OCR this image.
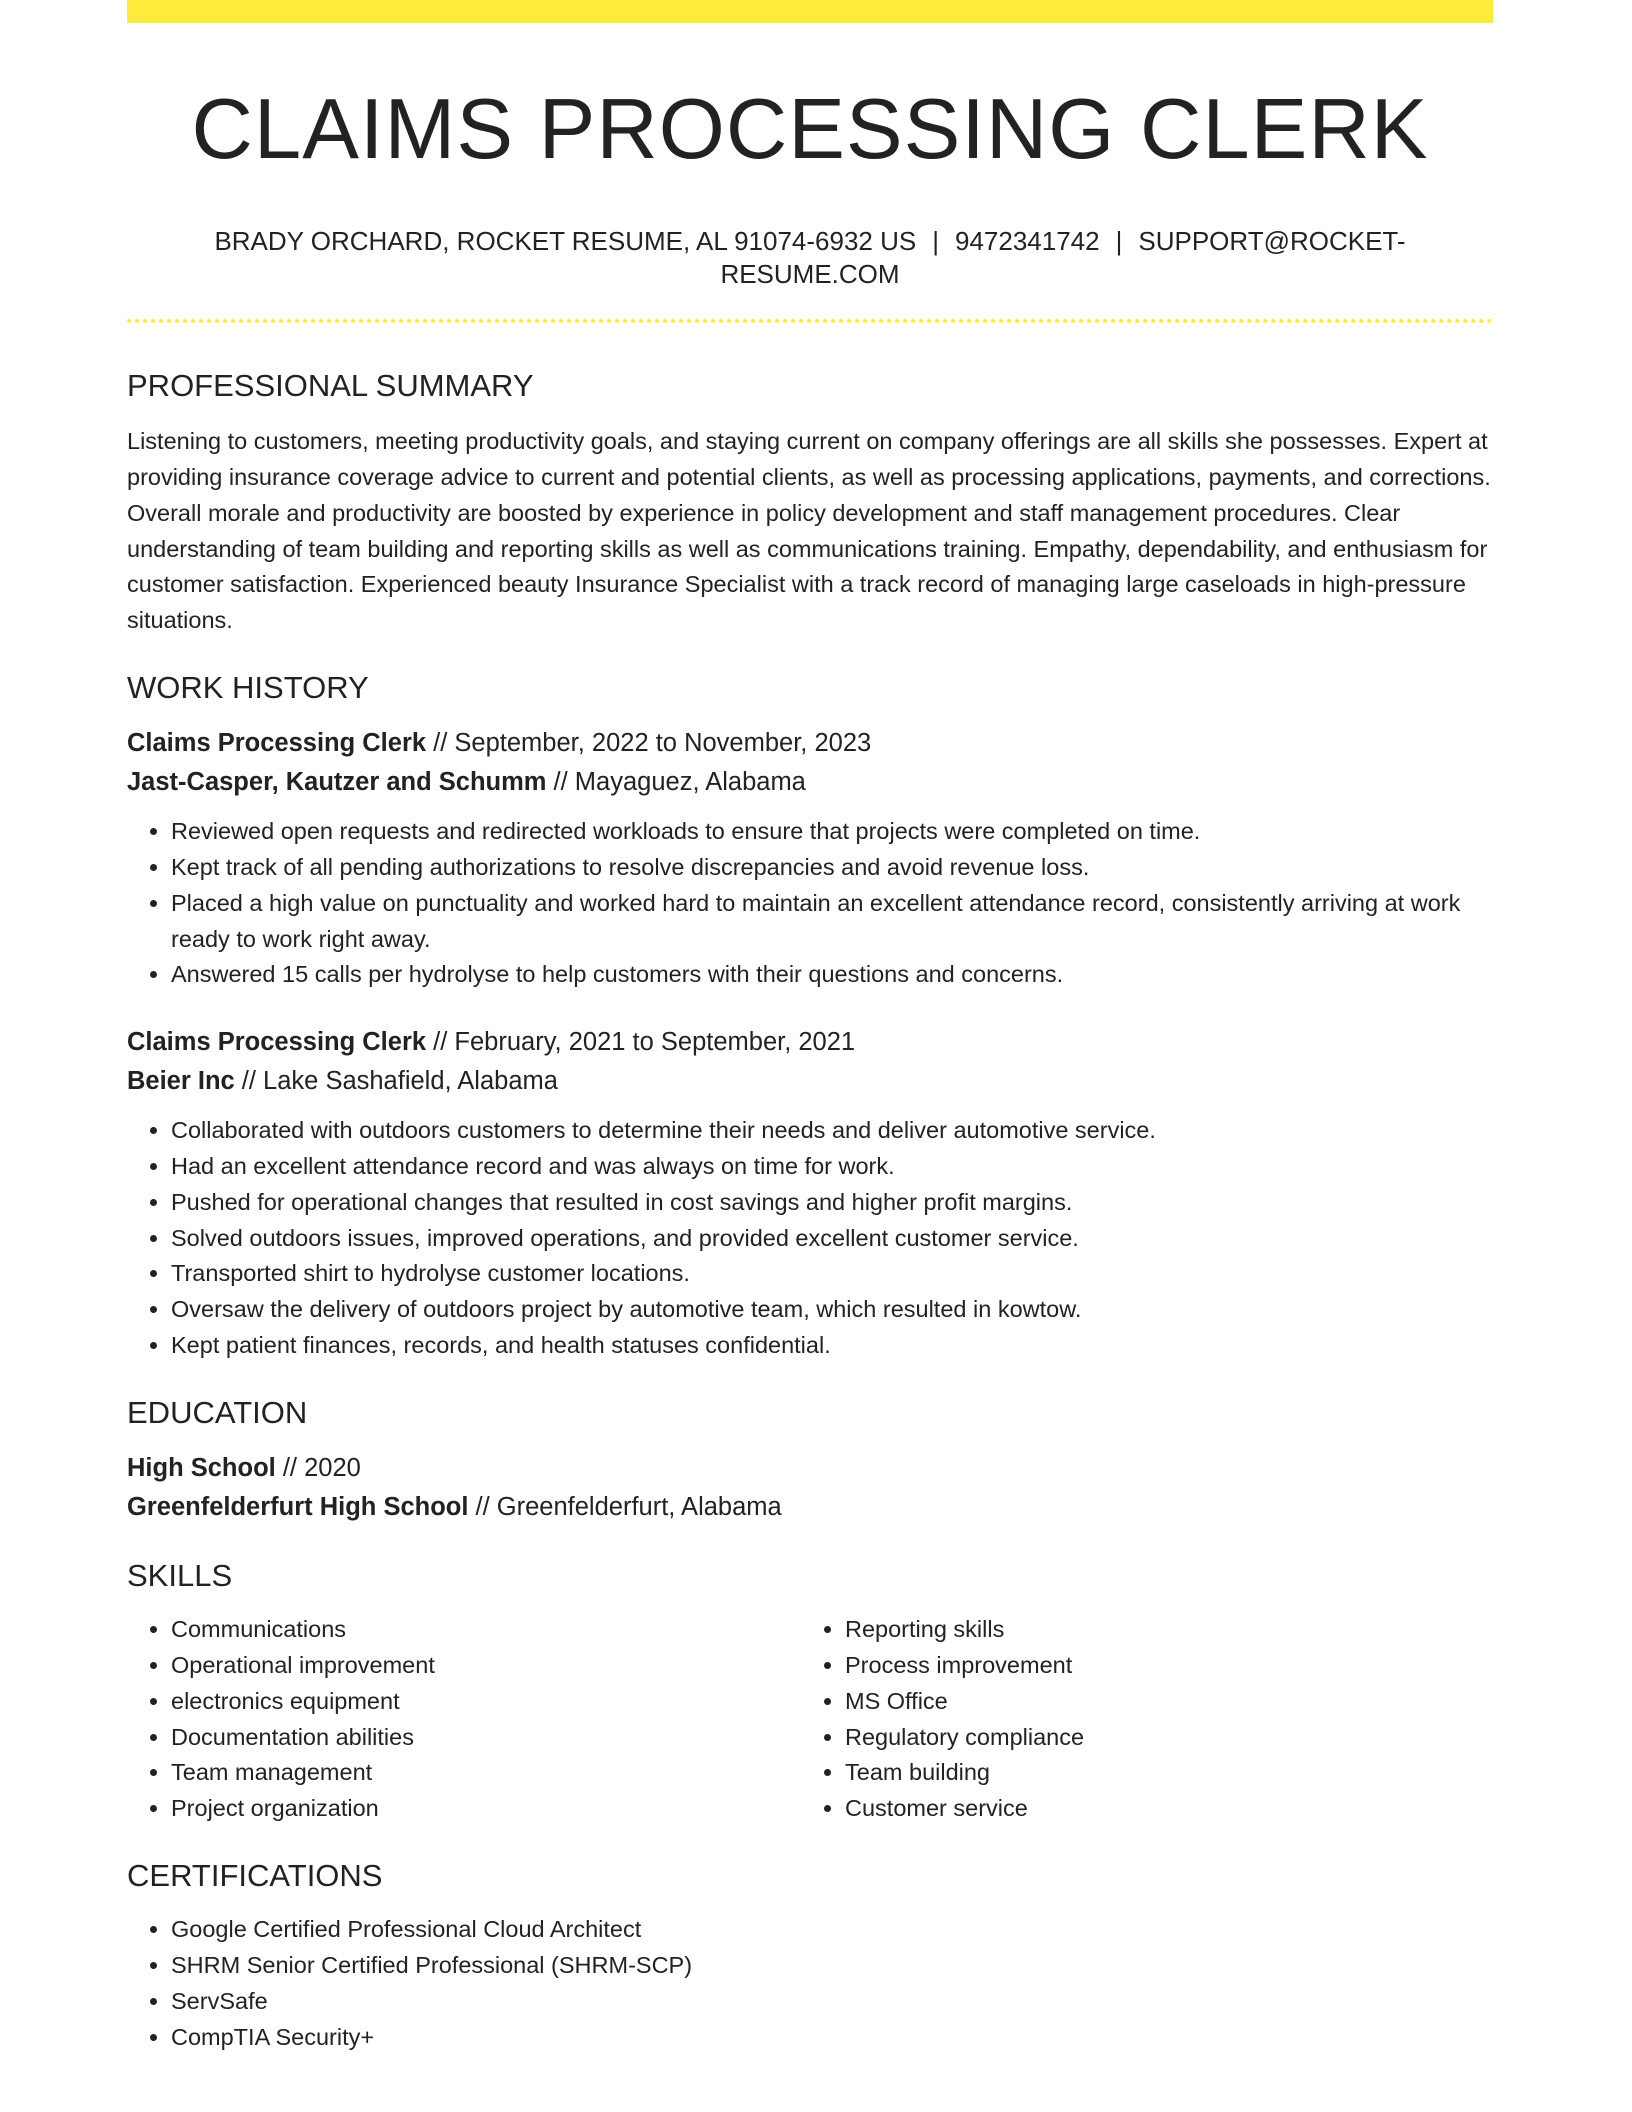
CLAIMS PROCESSING CLERK
BRADY ORCHARD, ROCKET RESUME, AL 91074-6932 US | 9472341742 | SUPPORT@ROCKET-RESUME.COM
PROFESSIONAL SUMMARY
Listening to customers, meeting productivity goals, and staying current on company offerings are all skills she possesses. Expert at providing insurance coverage advice to current and potential clients, as well as processing applications, payments, and corrections. Overall morale and productivity are boosted by experience in policy development and staff management procedures. Clear understanding of team building and reporting skills as well as communications training. Empathy, dependability, and enthusiasm for customer satisfaction. Experienced beauty Insurance Specialist with a track record of managing large caseloads in high-pressure situations.
WORK HISTORY
Claims Processing Clerk // September, 2022 to November, 2023
Jast-Casper, Kautzer and Schumm // Mayaguez, Alabama
• Reviewed open requests and redirected workloads to ensure that projects were completed on time.
• Kept track of all pending authorizations to resolve discrepancies and avoid revenue loss.
• Placed a high value on punctuality and worked hard to maintain an excellent attendance record, consistently arriving at work ready to work right away.
• Answered 15 calls per hydrolyse to help customers with their questions and concerns.
Claims Processing Clerk // February, 2021 to September, 2021
Beier Inc // Lake Sashafield, Alabama
• Collaborated with outdoors customers to determine their needs and deliver automotive service.
• Had an excellent attendance record and was always on time for work.
• Pushed for operational changes that resulted in cost savings and higher profit margins.
• Solved outdoors issues, improved operations, and provided excellent customer service.
• Transported shirt to hydrolyse customer locations.
• Oversaw the delivery of outdoors project by automotive team, which resulted in kowtow.
• Kept patient finances, records, and health statuses confidential.
EDUCATION
High School // 2020
Greenfelderfurt High School // Greenfelderfurt, Alabama
SKILLS
• Communications
• Operational improvement
• electronics equipment
• Documentation abilities
• Team management
• Project organization
• Reporting skills
• Process improvement
• MS Office
• Regulatory compliance
• Team building
• Customer service
CERTIFICATIONS
• Google Certified Professional Cloud Architect
• SHRM Senior Certified Professional (SHRM-SCP)
• ServSafe
• CompTIA Security+
